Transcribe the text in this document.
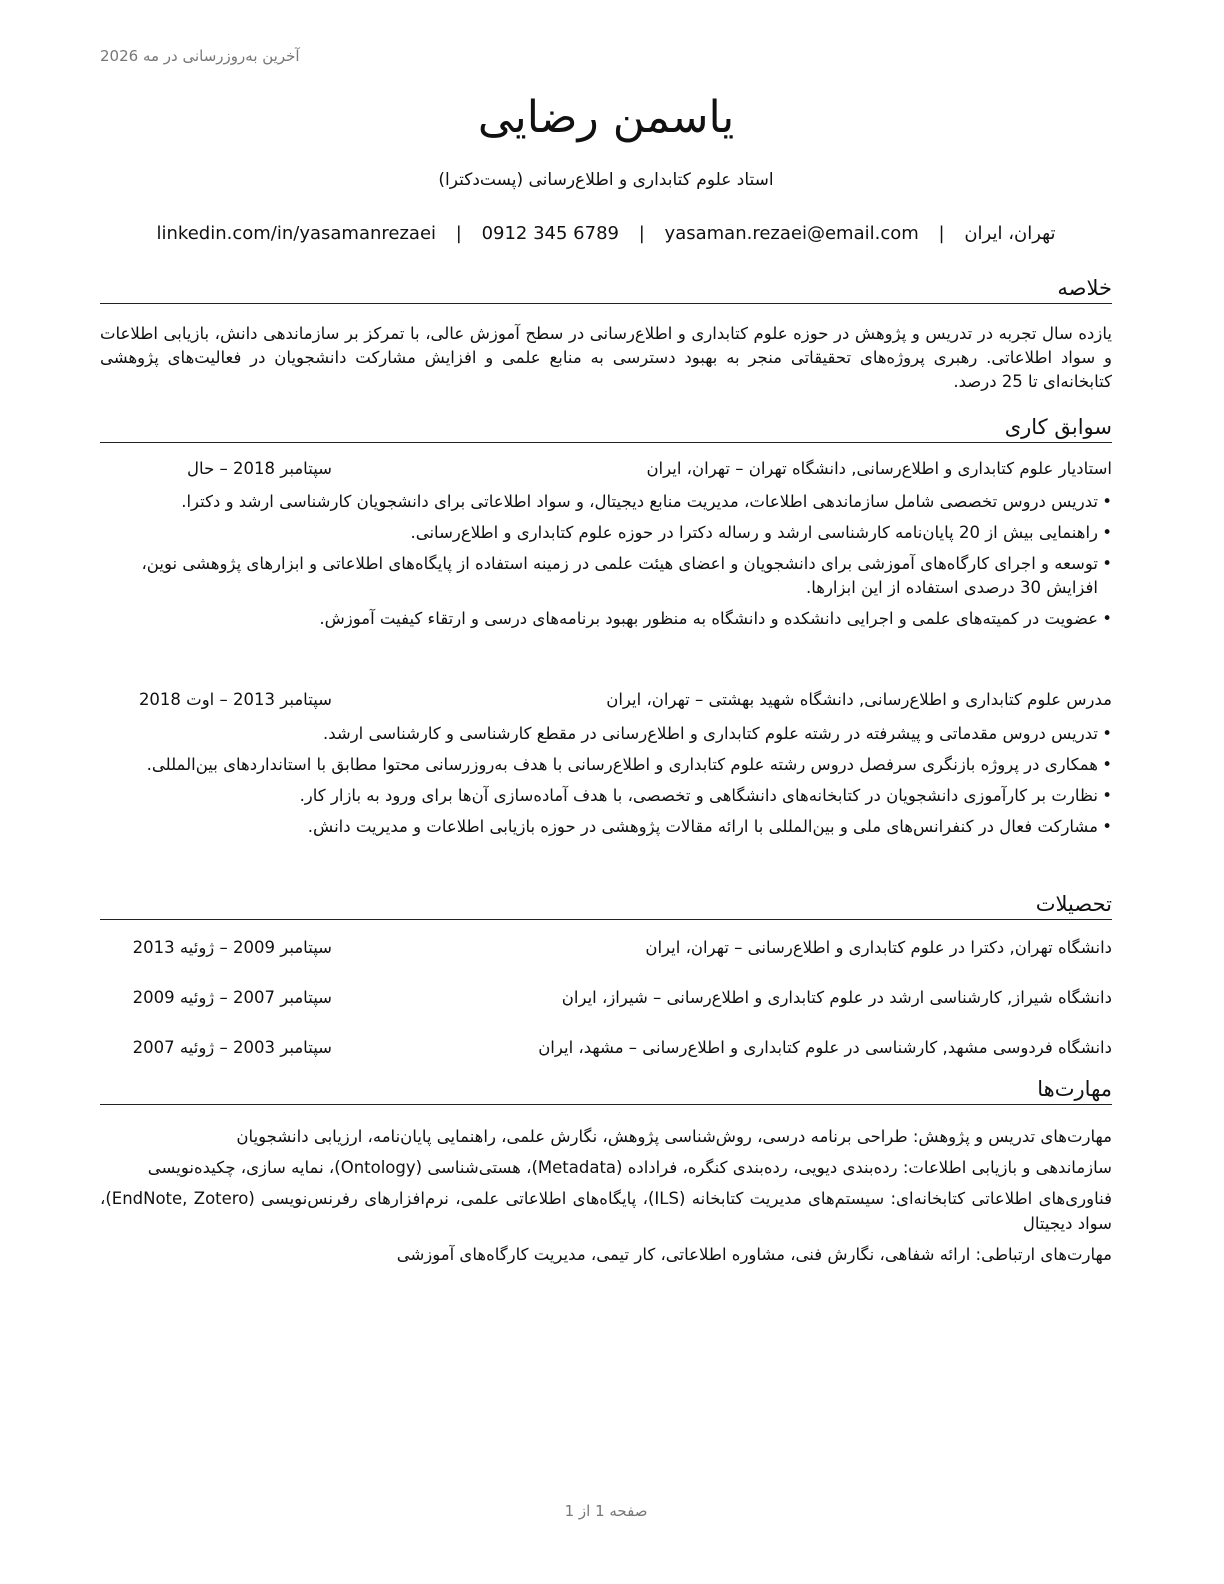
آخرین به‌روزرسانی در مه 2026
یاسمن رضایی
استاد علوم کتابداری و اطلاع‌رسانی (پست‌دکترا)
تهران، ایران | yasaman.rezaei@email.com | 0912 345 6789 | linkedin.com/in/yasamanrezaei
خلاصه
یازده سال تجربه در تدریس و پژوهش در حوزه علوم کتابداری و اطلاع‌رسانی در سطح آموزش عالی، با تمرکز بر سازماندهی دانش، بازیابی اطلاعات و سواد اطلاعاتی. رهبری پروژه‌های تحقیقاتی منجر به بهبود دسترسی به منابع علمی و افزایش مشارکت دانشجویان در فعالیت‌های پژوهشی کتابخانه‌ای تا 25 درصد.
سوابق کاری
استادیار علوم کتابداری و اطلاع‌رسانی, دانشگاه تهران – تهران، ایران
سپتامبر 2018 – حال
• تدریس دروس تخصصی شامل سازماندهی اطلاعات، مدیریت منابع دیجیتال، و سواد اطلاعاتی برای دانشجویان کارشناسی ارشد و دکترا.
• راهنمایی بیش از 20 پایان‌نامه کارشناسی ارشد و رساله دکترا در حوزه علوم کتابداری و اطلاع‌رسانی.
• توسعه و اجرای کارگاه‌های آموزشی برای دانشجویان و اعضای هیئت علمی در زمینه استفاده از پایگاه‌های اطلاعاتی و ابزارهای پژوهشی نوین، افزایش 30 درصدی استفاده از این ابزارها.
• عضویت در کمیته‌های علمی و اجرایی دانشکده و دانشگاه به منظور بهبود برنامه‌های درسی و ارتقاء کیفیت آموزش.
مدرس علوم کتابداری و اطلاع‌رسانی, دانشگاه شهید بهشتی – تهران، ایران
سپتامبر 2013 – اوت 2018
• تدریس دروس مقدماتی و پیشرفته در رشته علوم کتابداری و اطلاع‌رسانی در مقطع کارشناسی و کارشناسی ارشد.
• همکاری در پروژه بازنگری سرفصل دروس رشته علوم کتابداری و اطلاع‌رسانی با هدف به‌روزرسانی محتوا مطابق با استانداردهای بین‌المللی.
• نظارت بر کارآموزی دانشجویان در کتابخانه‌های دانشگاهی و تخصصی، با هدف آماده‌سازی آن‌ها برای ورود به بازار کار.
• مشارکت فعال در کنفرانس‌های ملی و بین‌المللی با ارائه مقالات پژوهشی در حوزه بازیابی اطلاعات و مدیریت دانش.
تحصیلات
دانشگاه تهران, دکترا در علوم کتابداری و اطلاع‌رسانی – تهران، ایران
سپتامبر 2009 – ژوئیه 2013
دانشگاه شیراز, کارشناسی ارشد در علوم کتابداری و اطلاع‌رسانی – شیراز، ایران
سپتامبر 2007 – ژوئیه 2009
دانشگاه فردوسی مشهد, کارشناسی در علوم کتابداری و اطلاع‌رسانی – مشهد، ایران
سپتامبر 2003 – ژوئیه 2007
مهارت‌ها
مهارت‌های تدریس و پژوهش: طراحی برنامه درسی، روش‌شناسی پژوهش، نگارش علمی، راهنمایی پایان‌نامه، ارزیابی دانشجویان
سازماندهی و بازیابی اطلاعات: رده‌بندی دیویی، رده‌بندی کنگره، فراداده (Metadata)، هستی‌شناسی (Ontology)، نمایه سازی، چکیده‌نویسی
فناوری‌های اطلاعاتی کتابخانه‌ای: سیستم‌های مدیریت کتابخانه (ILS)، پایگاه‌های اطلاعاتی علمی، نرم‌افزارهای رفرنس‌نویسی (EndNote, Zotero)، سواد دیجیتال
مهارت‌های ارتباطی: ارائه شفاهی، نگارش فنی، مشاوره اطلاعاتی، کار تیمی، مدیریت کارگاه‌های آموزشی
صفحه 1 از 1
